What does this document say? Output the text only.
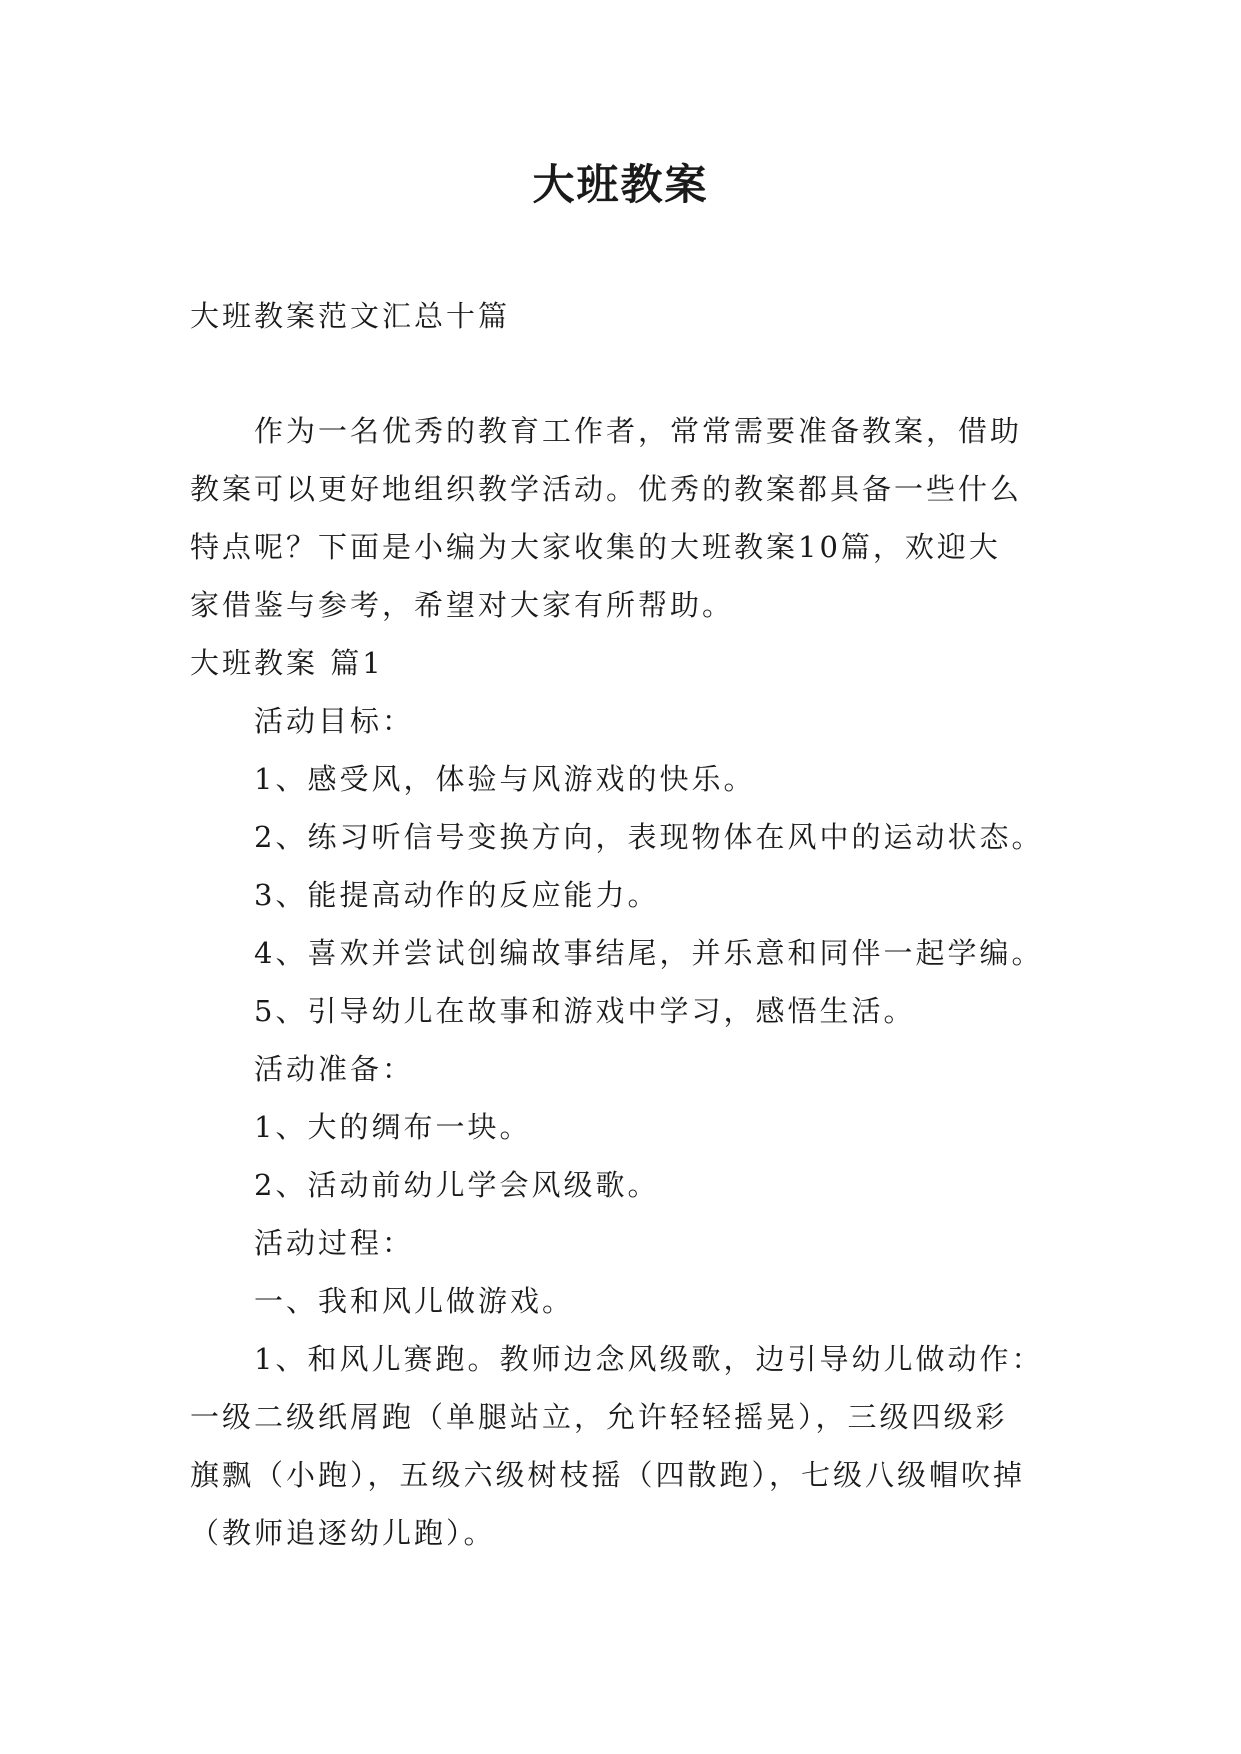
大班教案
大班教案范文汇总十篇
作为一名优秀的教育工作者，常常需要准备教案，借助
教案可以更好地组织教学活动。优秀的教案都具备一些什么
特点呢？下面是小编为大家收集的大班教案10篇，欢迎大
家借鉴与参考，希望对大家有所帮助。
大班教案 篇1
活动目标：
1、感受风，体验与风游戏的快乐。
2、练习听信号变换方向，表现物体在风中的运动状态。
3、能提高动作的反应能力。
4、喜欢并尝试创编故事结尾，并乐意和同伴一起学编。
5、引导幼儿在故事和游戏中学习，感悟生活。
活动准备：
1、大的绸布一块。
2、活动前幼儿学会风级歌。
活动过程：
一、我和风儿做游戏。
1、和风儿赛跑。教师边念风级歌，边引导幼儿做动作：
一级二级纸屑跑（单腿站立，允许轻轻摇晃），三级四级彩
旗飘（小跑），五级六级树枝摇（四散跑），七级八级帽吹掉
（教师追逐幼儿跑）。
